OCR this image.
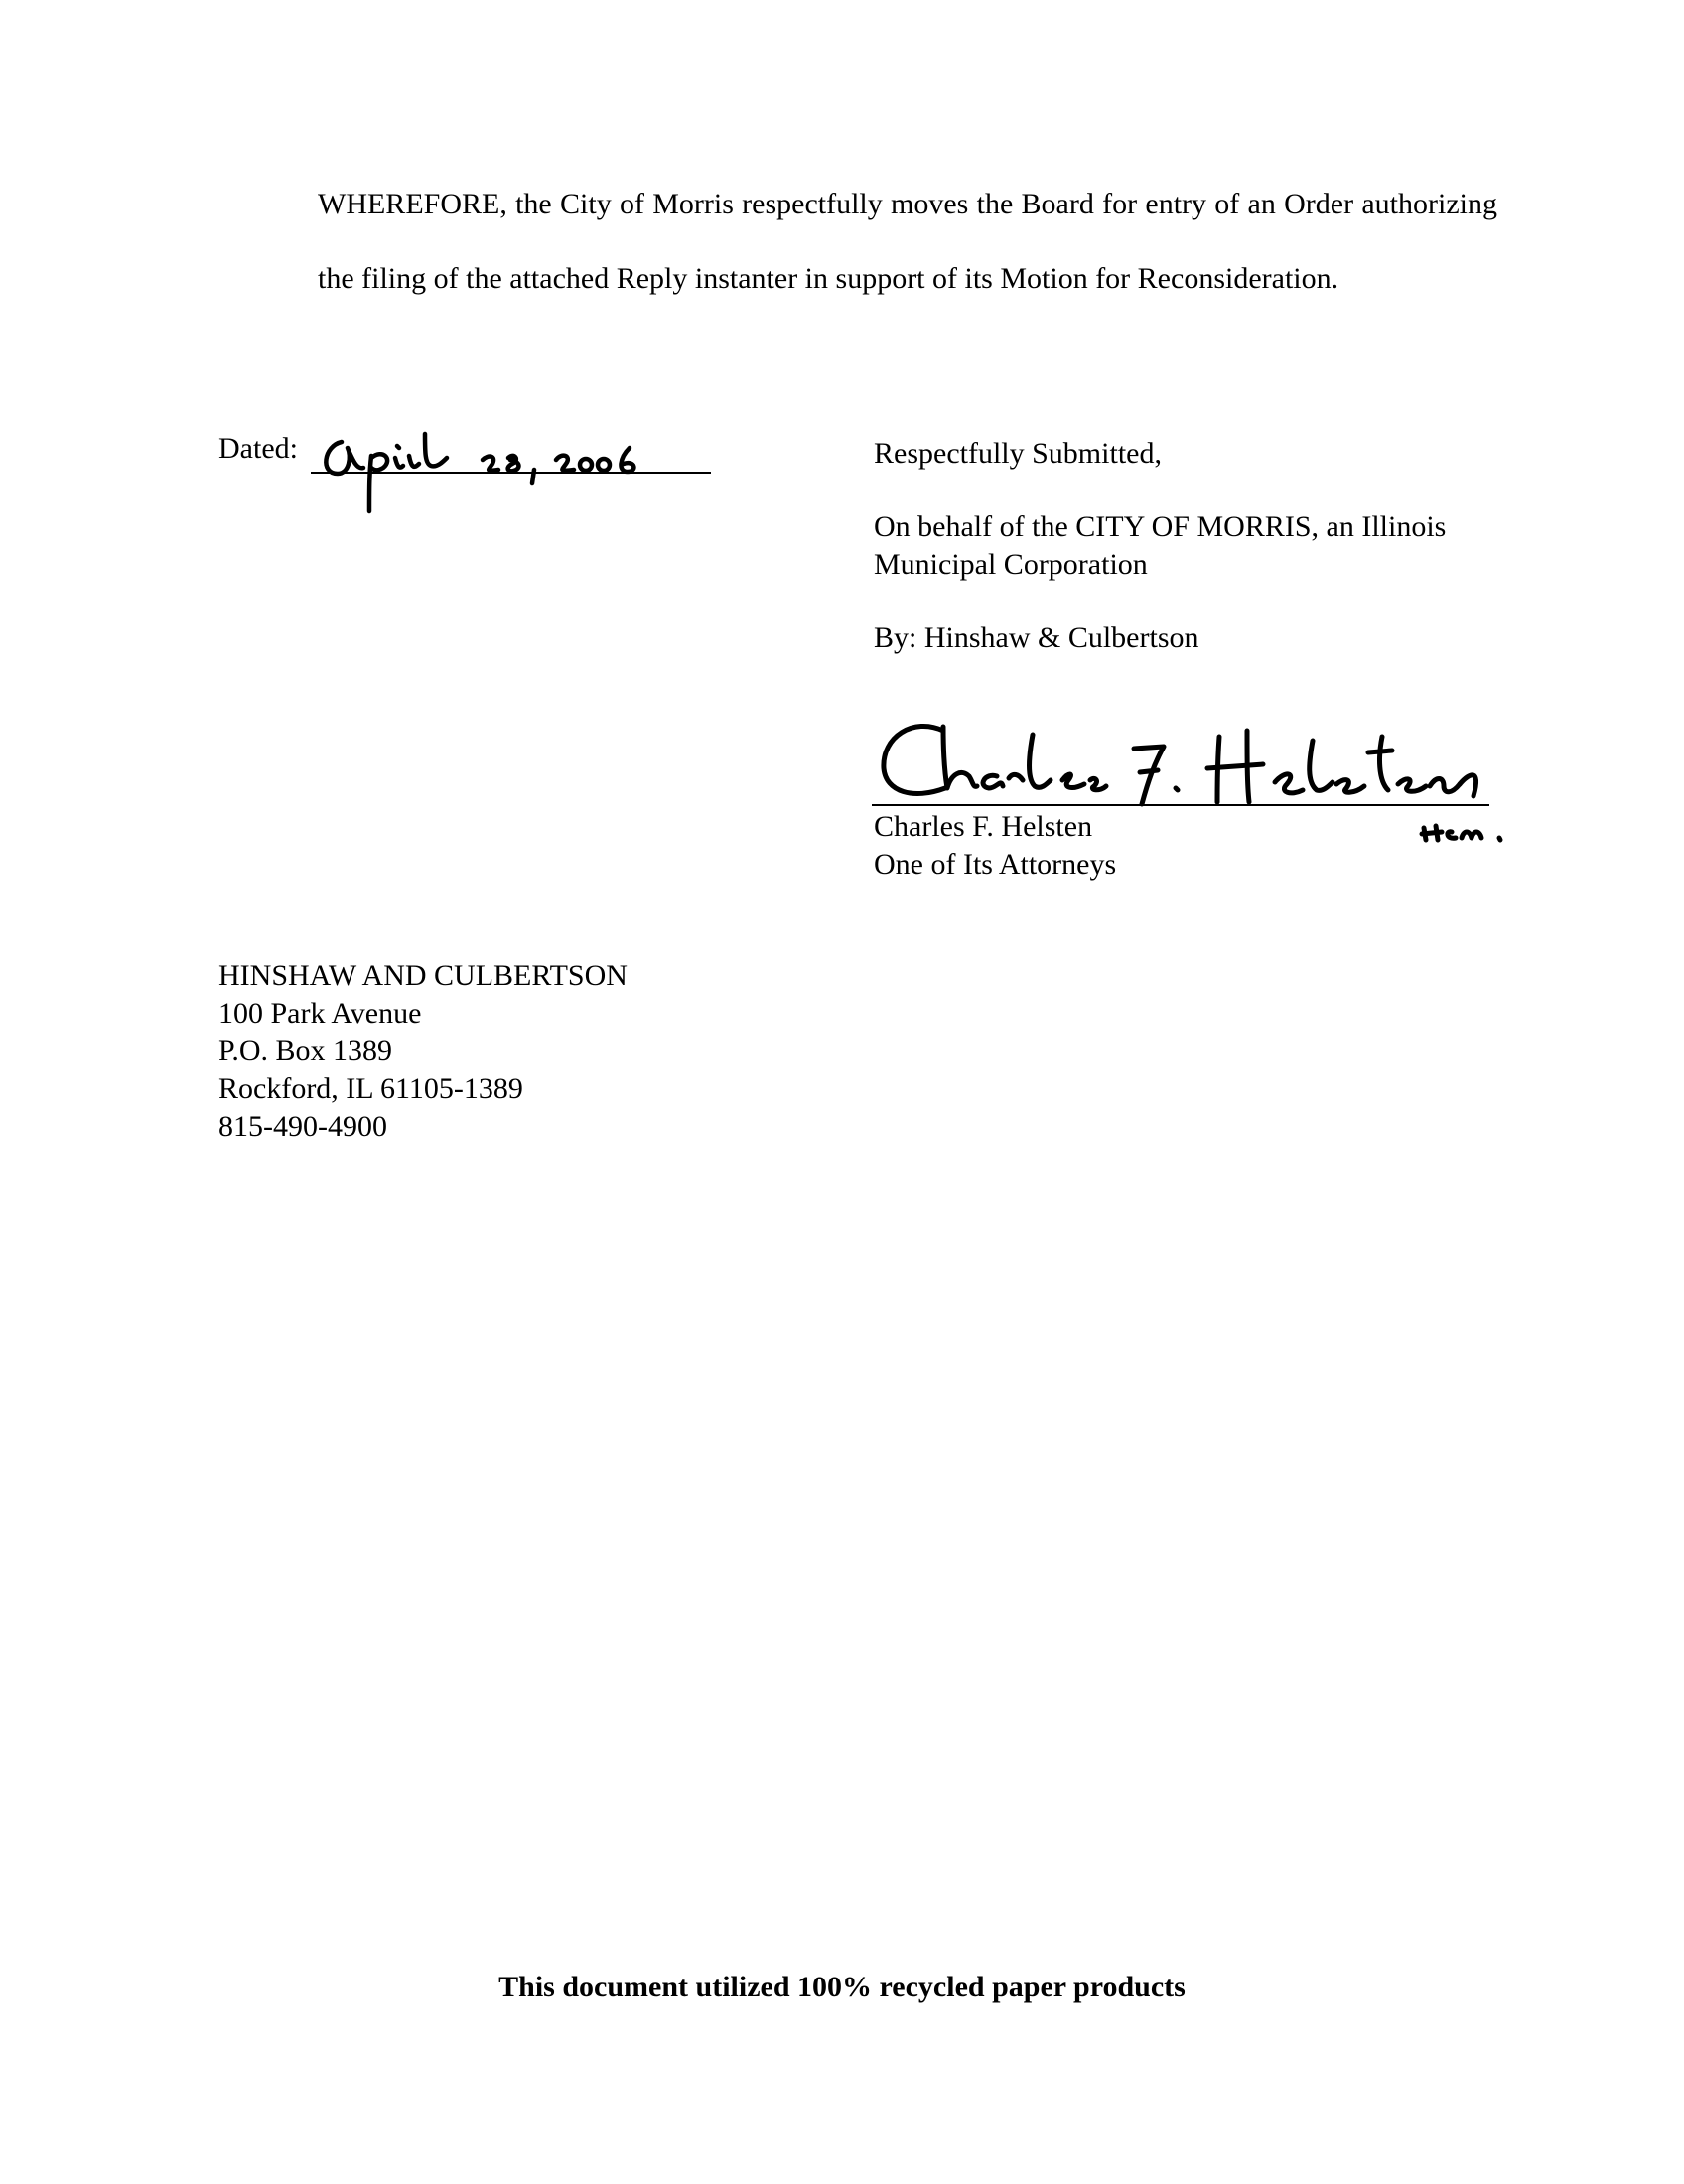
WHEREFORE, the City of Morris respectfully moves the Board for entry of an Order authorizing the filing of the attached Reply instanter in support of its Motion for Reconsideration.

Dated:	Respectfully Submitted,
On behalf of the CITY OF MORRIS, an Illinois
Municipal Corporation
By: Hinshaw & Culbertson
Charles F. Helsten
One of Its Attorneys
HINSHAW AND CULBERTSON
100 Park Avenue
P.O. Box 1389
Rockford, IL 61105-1389
815-490-4900
This document utilized 100% recycled paper products
